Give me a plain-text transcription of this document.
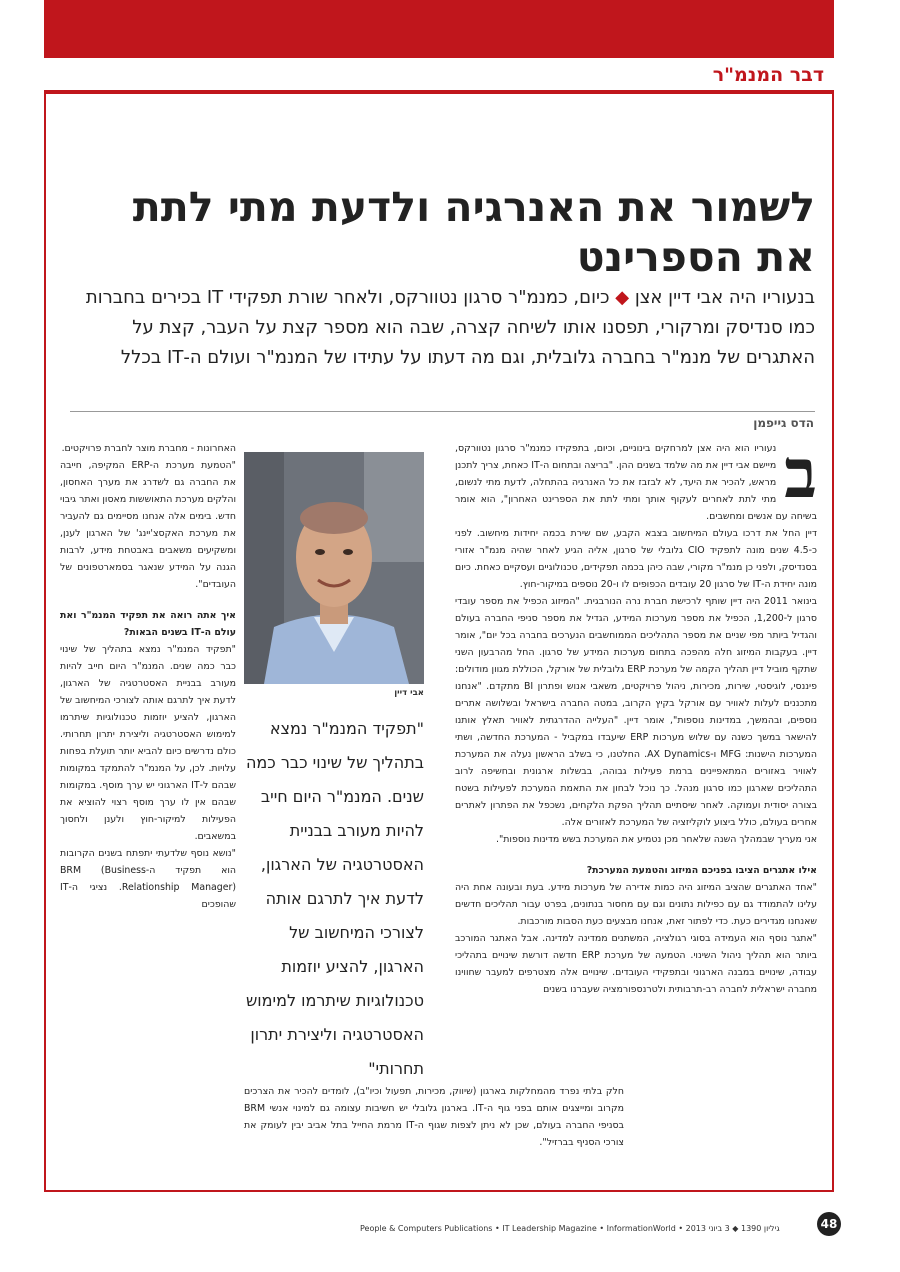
דבר המנמ"ר
לשמור את האנרגיה ולדעת מתי לתת את הספרינט
בנעוריו היה אבי דיין אצן ◆ כיום, כמנמ"ר סרגון נטוורקס, ולאחר שורת תפקידי IT בכירים בחברות כמו סנדיסק ומרקורי, תפסנו אותו לשיחה קצרה, שבה הוא מספר קצת על העבר, קצת על האתגרים של מנמ"ר בחברה גלובלית, וגם מה דעתו על עתידו של המנמ"ר ועולם ה-IT בכלל
הדס גייפמן
ב

נעוריו הוא היה אצן למרחקים בינוניים, וכיום, בתפקידו כמנמ"ר סרגון נטוורקס, מיישם אבי דיין את מה שלמד בשנים ההן. "בריצה ובתחום ה-IT כאחת, צריך לתכנן מראש, להכיר את היעד, לא לבזבז את כל האנרגיה בהתחלה, לדעת מתי לנשום, מתי לתת לאחרים לעקוף אותך ומתי לתת את הספרינט האחרון", הוא אומר בשיחה עם אנשים ומחשבים.

דיין החל את דרכו בעולם המיחשוב בצבא הקבע, שם שירת בכמה יחידות מיחשוב. לפני כ-4.5 שנים מונה לתפקיד CIO גלובלי של סרגון, אליה הגיע לאחר שהיה מנמ"ר אזורי בסנדיסק, ולפני כן מנמ"ר מקורי, שבה כיהן בכמה תפקידים, טכנולוגיים ועסקיים כאחת. כיום מונה יחידת ה-IT של סרגון 20 עובדים הכפופים לו ו-20 נוספים במיקור-חוץ.

בינואר 2011 היה דיין שותף לרכישת חברת נרה הנורבגית. "המיזוג הכפיל את מספר עובדי סרגון ל-1,200, הכפיל את מספר מערכות המידע, הגדיל את מספר סניפי החברה בעולם והגדיל ביותר מפי שניים את מספר התהליכים הממוחשבים הנערכים בחברה בכל יום", אומר דיין. בעקבות המיזוג חלה מהפכה בתחום מערכות המידע של סרגון. החל מהרבעון השני שתקף מוביל דיין תהליך הקמה של מערכת ERP גלובלית של אורקל, הכוללת מגוון מודולים: פיננסי, לוגיסטי, שירות, מכירות, ניהול פרויקטים, משאבי אנוש ופתרון BI מתקדם. "אנחנו מתכננים לעלות לאוויר עם אורקל בקיץ הקרוב, במטה החברה בישראל ובשלושה אתרים נוספים, ובהמשך, במדינות נוספות", אומר דיין. "העלייה ההדרגתית לאוויר תאלץ אותנו להישאר במשך כשנה עם שלוש מערכות ERP שיעבדו במקביל - המערכת החדשה, ושתי המערכות הישנות: MFG ו-AX Dynamics. החלטנו, כי בשלב הראשון נעלה את המערכת לאוויר באזורים המתאפיינים ברמת פעילות גבוהה, בבשלות ארגונית ובחשיפה לרוב התהליכים שארגון כמו סרגון מנהל. כך נוכל לבחון את התאמת המערכת לפעילות בשטח בצורה יסודית ועמוקה. לאחר שיסתיים תהליך הפקת הלקחים, נשכפל את הפתרון לאתרים אחרים בעולם, כולל ביצוע לוקליזציה של המערכת לאזורים אלה.

אני מעריך שבמהלך השנה שלאחר מכן נטמיע את המערכת בשש מדינות נוספות".

אילו אתגרים הציבו בפניכם המיזוג והטמעת המערכת?

"אחד האתגרים שהציב המיזוג היה כמות אדירה של מערכות מידע. בעת ובעונה אחת היה עלינו להתמודד גם עם כפילות נתונים וגם עם מחסור בנתונים, בפרט עבור תהליכים חדשים שאנחנו מגדירים כעת. כדי לפתור זאת, אנחנו מבצעים כעת הסבות מורכבות.

"אתגר נוסף הוא העמידה בסוגי רגולציה, המשתנים ממדינה למדינה. אבל האתגר המורכב ביותר הוא תהליך ניהול השינוי. הטמעה של מערכת ERP חדשה דורשת שינויים בתהליכי עבודה, שינויים במבנה הארגוני ובתפקידי העובדים. שינויים אלה מצטרפים למעבר שחווינו מחברה ישראלית לחברה רב-תרבותית ולטרנספורמציה שעברנו בשנים

אבי דיין
"תפקיד המנמ"ר נמצא בתהליך של שינוי כבר כמה שנים. המנמ"ר היום חייב להיות מעורב בבניית האסטרטגיה של הארגון, לדעת איך לתרגם אותה לצורכי המיחשוב של הארגון, להציע יוזמות טכנולוגיות שיתרמו למימוש האסטרטגיה וליצירת יתרון תחרותי"
חלק בלתי נפרד מהמחלקות בארגון (שיווק, מכירות, תפעול וכיו"ב), לומדים להכיר את הצרכים מקרוב ומייצגים אותם בפני גוף ה-IT. בארגון גלובלי יש חשיבות עצומה גם למינוי אנשי BRM בסניפי החברה בעולם, שכן לא ניתן לצפות שגוף ה-IT מרמת החייל בתל אביב יבין לעומק את צורכי הסניף בברזיל".

האחרונות - מחברת מוצר לחברת פרויקטים.

"הטמעת מערכת ה-ERP המקיפה, חייבה את החברה גם לשדרג את מערך האחסון, והלקים מערכת התאוששות מאסון ואתר גיבוי חדש. בימים אלה אנחנו מסיימים גם להעביר את מערכת האקסצ'יינג' של הארגון לענן, ומשקיעים משאבים באבטחת מידע, לרבות הגנה על המידע שנאגר בסמארטפונים של העובדים".

איך אתה רואה את תפקיד המנמ"ר ואת עולם ה-IT בשנים הבאות?

"תפקיד המנמ"ר נמצא בתהליך של שינוי כבר כמה שנים. המנמ"ר היום חייב להיות מעורב בבניית האסטרטגיה של הארגון, לדעת איך לתרגם אותה לצורכי המיחשוב של הארגון, להציע יוזמות טכנולוגיות שיתרמו למימוש האסטרטגיה וליצירת יתרון תחרותי. כולם נדרשים כיום להביא יותר תועלת בפחות עלויות. לכן, על המנמ"ר להתמקד במקומות שבהם ל-IT הארגוני יש ערך מוסף. במקומות שבהם אין לו ערך מוסף רצוי להוציא את הפעילות למיקור-חוץ ולענן ולחסוך במשאבים.

"נושא נוסף שלדעתי יתפתח בשנים הקרובות הוא תפקיד ה-BRM (Business Relationship Manager). נציגי ה-IT שהופכים

People & Computers Publications • IT Leadership Magazine • InformationWorld • גיליון 1390 ◆ 3 ביוני 2013	48
